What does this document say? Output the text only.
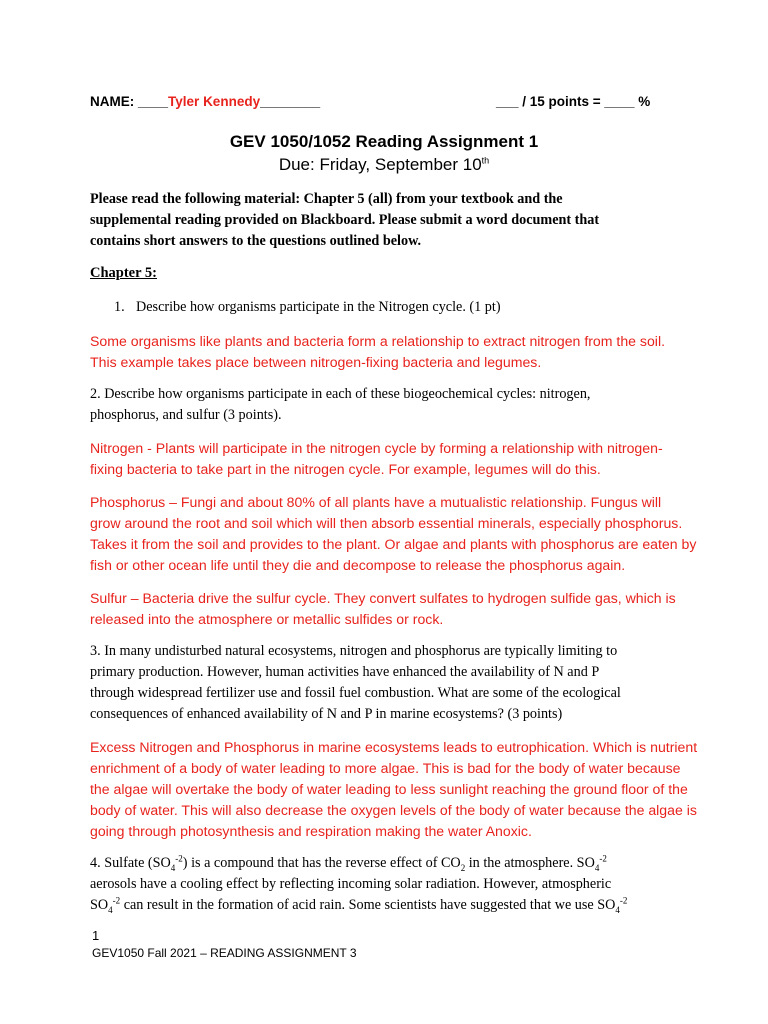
NAME: ____Tyler Kennedy________	___ / 15 points = ____ %
GEV 1050/1052 Reading Assignment 1
Due: Friday, September 10th
Please read the following material: Chapter 5 (all) from your textbook and the
supplemental reading provided on Blackboard. Please submit a word document that
contains short answers to the questions outlined below.
Chapter 5:
1. Describe how organisms participate in the Nitrogen cycle. (1 pt)
Some organisms like plants and bacteria form a relationship to extract nitrogen from the soil.
This example takes place between nitrogen-fixing bacteria and legumes.
2. Describe how organisms participate in each of these biogeochemical cycles: nitrogen,
phosphorus, and sulfur (3 points).
Nitrogen - Plants will participate in the nitrogen cycle by forming a relationship with nitrogen-
fixing bacteria to take part in the nitrogen cycle. For example, legumes will do this.
Phosphorus – Fungi and about 80% of all plants have a mutualistic relationship. Fungus will
grow around the root and soil which will then absorb essential minerals, especially phosphorus.
Takes it from the soil and provides to the plant. Or algae and plants with phosphorus are eaten by
fish or other ocean life until they die and decompose to release the phosphorus again.
Sulfur – Bacteria drive the sulfur cycle. They convert sulfates to hydrogen sulfide gas, which is
released into the atmosphere or metallic sulfides or rock.
3. In many undisturbed natural ecosystems, nitrogen and phosphorus are typically limiting to
primary production. However, human activities have enhanced the availability of N and P
through widespread fertilizer use and fossil fuel combustion. What are some of the ecological
consequences of enhanced availability of N and P in marine ecosystems? (3 points)
Excess Nitrogen and Phosphorus in marine ecosystems leads to eutrophication. Which is nutrient
enrichment of a body of water leading to more algae. This is bad for the body of water because
the algae will overtake the body of water leading to less sunlight reaching the ground floor of the
body of water. This will also decrease the oxygen levels of the body of water because the algae is
going through photosynthesis and respiration making the water Anoxic.
4. Sulfate $(SO_4^{-2})$ is a compound that has the reverse effect of $CO_2$ in the atmosphere. $SO_4^{-2}$
aerosols have a cooling effect by reflecting incoming solar radiation. However, atmospheric
$SO_4^{-2}$ can result in the formation of acid rain. Some scientists have suggested that we use $SO_4^{-2}$
1
GEV1050 Fall 2021 – READING ASSIGNMENT 3
